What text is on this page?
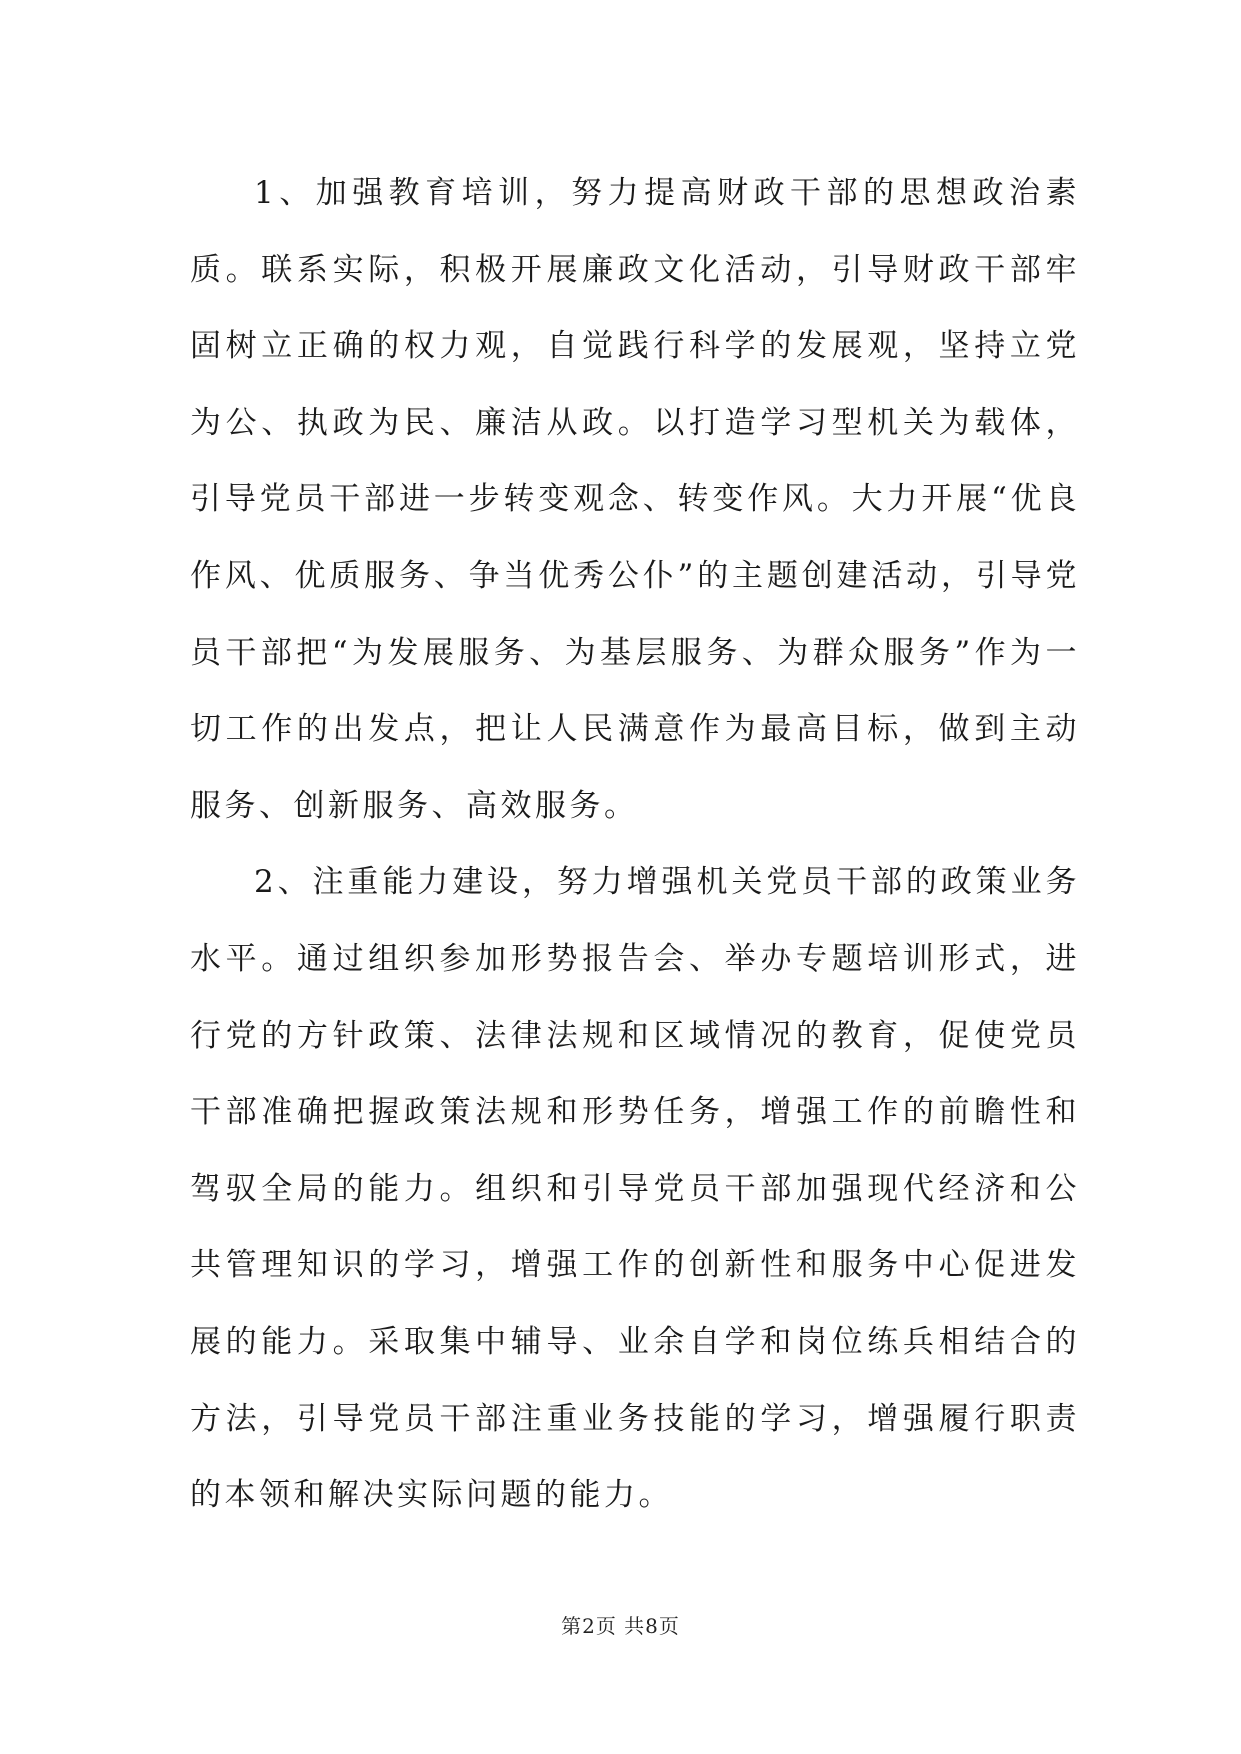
1、加强教育培训，努力提高财政干部的思想政治素质。联系实际，积极开展廉政文化活动，引导财政干部牢固树立正确的权力观，自觉践行科学的发展观，坚持立党为公、执政为民、廉洁从政。以打造学习型机关为载体，引导党员干部进一步转变观念、转变作风。大力开展“优良作风、优质服务、争当优秀公仆”的主题创建活动，引导党员干部把“为发展服务、为基层服务、为群众服务”作为一切工作的出发点，把让人民满意作为最高目标，做到主动服务、创新服务、高效服务。

2、注重能力建设，努力增强机关党员干部的政策业务水平。通过组织参加形势报告会、举办专题培训形式，进行党的方针政策、法律法规和区域情况的教育，促使党员干部准确把握政策法规和形势任务，增强工作的前瞻性和驾驭全局的能力。组织和引导党员干部加强现代经济和公共管理知识的学习，增强工作的创新性和服务中心促进发展的能力。采取集中辅导、业余自学和岗位练兵相结合的方法，引导党员干部注重业务技能的学习，增强履行职责的本领和解决实际问题的能力。

第2页 共8页
